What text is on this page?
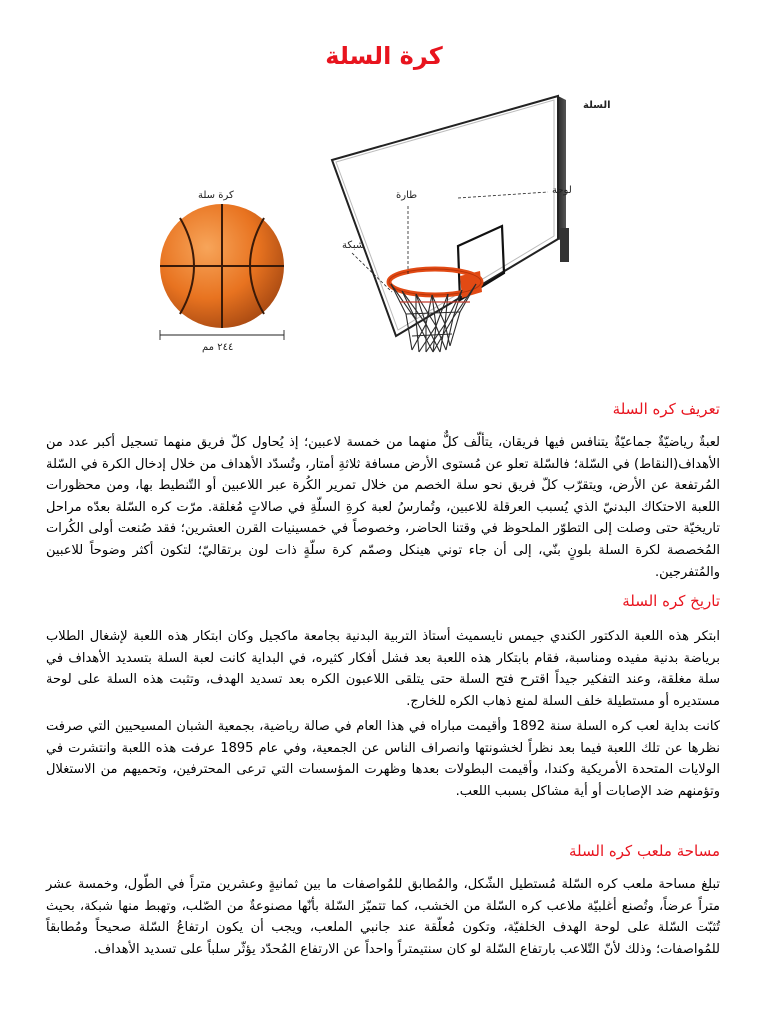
كرة السلة
كرة سلة
٢٤٤ مم
السلة
لوحة
طارة
شبكة
تعريف كره السلة

لعبةٌ رياضيّةٌ جماعيّةٌ يتنافس فيها فريقان، يتألّف كلٌّ منهما من خمسة لاعبين؛ إذ يُحاول كلّ فريق منهما تسجيل أكبر عدد من الأهداف(النقاط) في السّلة؛ فالسّلة تعلو عن مُستوى الأرض مسافة ثلاثةِ أمتار، وتُسدّد الأهداف من خلال إدخال الكرة في السّلة المُرتفعة عن الأرض، ويتقرّب كلّ فريق نحو سلة الخصم من خلال تمرير الكُرة عبر اللاعبين أو التّنطيط بها، ومن محظورات اللعبة الاحتكاك البدنيّ الذي يُسبب العرقلة للاعبين، وتُمارسُ لعبة كرةِ السلّةِ في صالاتٍ مُغلقة. مرّت كره السّلة بعدّه مراحل تاريخيّة حتى وصلت إلى التطوّر الملحوظ في وقتنا الحاضر، وخصوصاً في خمسينيات القرن العشرين؛ فقد صُنعت أولى الكُرات المُخصصة لكرة السلة بلونٍ بنّي، إلى أن جاء توني هينكل وصمّم كرة سلّةٍ ذات لون برتقاليّ؛ لتكون أكثر وضوحاً للاعبين والمُتفرجين.

تاريخ كره السلة

ابتكر هذه اللعبة الدكتور الكندي جيمس نايسميث أستاذ التربية البدنية بجامعة ماكجيل وكان ابتكار هذه اللعبة لإشغال الطلاب برياضة بدنية مفيده ومناسبة، فقام بابتكار هذه اللعبة بعد فشل أفكار كثيره، في البداية كانت لعبة السلة بتسديد الأهداف في سلة مغلقة، وعند التفكير جيداً اقترح فتح السلة حتى يتلقى اللاعبون الكره بعد تسديد الهدف، وتثبت هذه السلة على لوحة مستديره أو مستطيلة خلف السلة لمنع ذهاب الكره للخارج.

كانت بداية لعب كره السلة سنة 1892 وأقيمت مباراه في هذا العام في صالة رياضية، بجمعية الشبان المسيحيين التي صرفت نظرها عن تلك اللعبة فيما بعد نظراً لخشونتها وانصراف الناس عن الجمعية، وفي عام 1895 عرفت هذه اللعبة وانتشرت في الولايات المتحدة الأمريكية وكندا، وأقيمت البطولات بعدها وظهرت المؤسسات التي ترعى المحترفين، وتحميهم من الاستغلال وتؤمنهم ضد الإصابات أو أية مشاكل بسبب اللعب.

مساحة ملعب كره السلة

تبلغ مساحة ملعب كره السّلة مُستطيل الشّكل، والمُطابق للمُواصفات ما بين ثمانيةٍ وعشرين متراً في الطّول، وخمسة عشر متراً عرضاً، وتُصنع أغلبيّة ملاعب كره السّلة من الخشب، كما تتميّز السّلة بأنّها مصنوعةٌ من الصّلب، وتهبط منها شبكة، بحيث تُثبّت السّلة على لوحة الهدف الخلفيّة، وتكون مُعلّقة عند جانبي الملعب، ويجب أن يكون ارتفاعُ السّلة صحيحاً ومُطابقاً للمُواصفات؛ وذلك لأنّ التّلاعب بارتفاع السّلة لو كان سنتيمتراً واحداً عن الارتفاع المُحدّد يؤثّر سلباً على تسديد الأهداف.
